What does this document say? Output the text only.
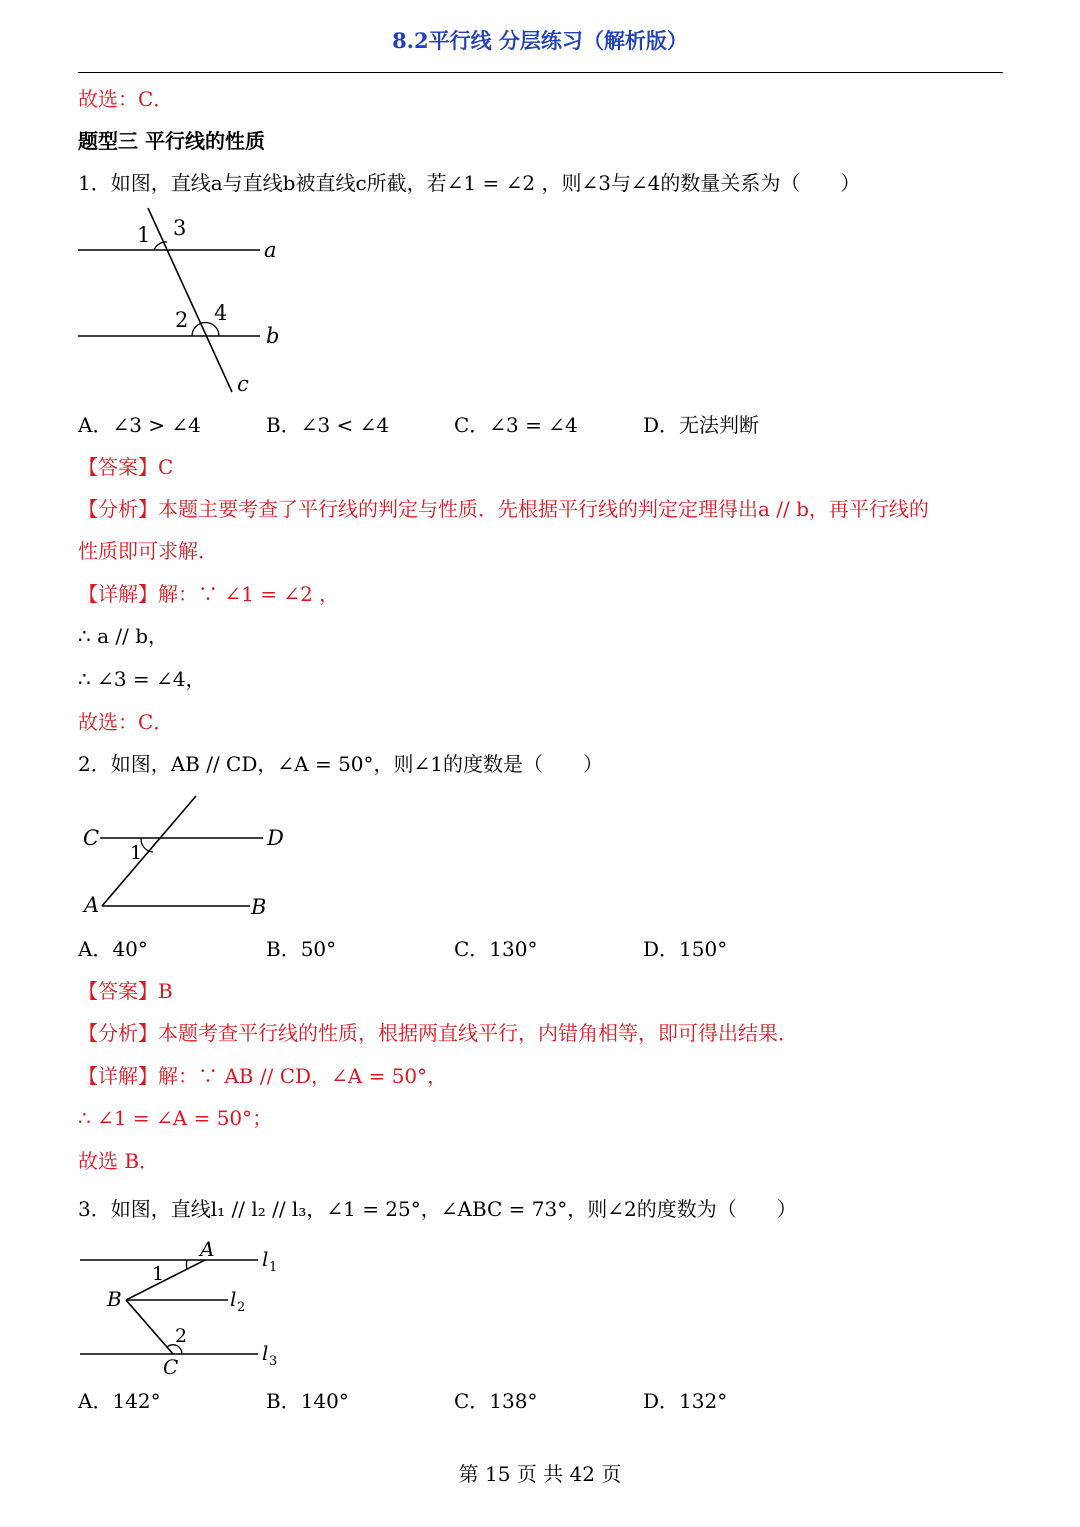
8.2平行线 分层练习（解析版）
故选：C．
题型三 平行线的性质
1．如图，直线a与直线b被直线c所截，若∠1 = ∠2 ，则∠3与∠4的数量关系为（　　）
1 3
a
2 4
b
c
A．∠3 > ∠4	B．∠3 < ∠4	C．∠3 = ∠4	D．无法判断
【答案】C
【分析】本题主要考查了平行线的判定与性质．先根据平行线的判定定理得出a // b，再平行线的
性质即可求解．
【详解】解：∵ ∠1 = ∠2 ，
∴ a // b，
∴ ∠3 = ∠4，
故选：C．
2．如图，AB // CD，∠A = 50°，则∠1的度数是（　　）
C	D
1
A	B
A．40°	B．50°	C．130°	D．150°
【答案】B
【分析】本题考查平行线的性质，根据两直线平行，内错角相等，即可得出结果．
【详解】解：∵ AB // CD，∠A = 50°，
∴ ∠1 = ∠A = 50°；
故选 B．
3．如图，直线l₁ // l₂ // l₃，∠1 = 25°，∠ABC = 73°，则∠2的度数为（　　）
A
1
l 1
B	l 2
2
C
l 3
A．142°	B．140°	C．138°	D．132°
第 15 页 共 42 页
